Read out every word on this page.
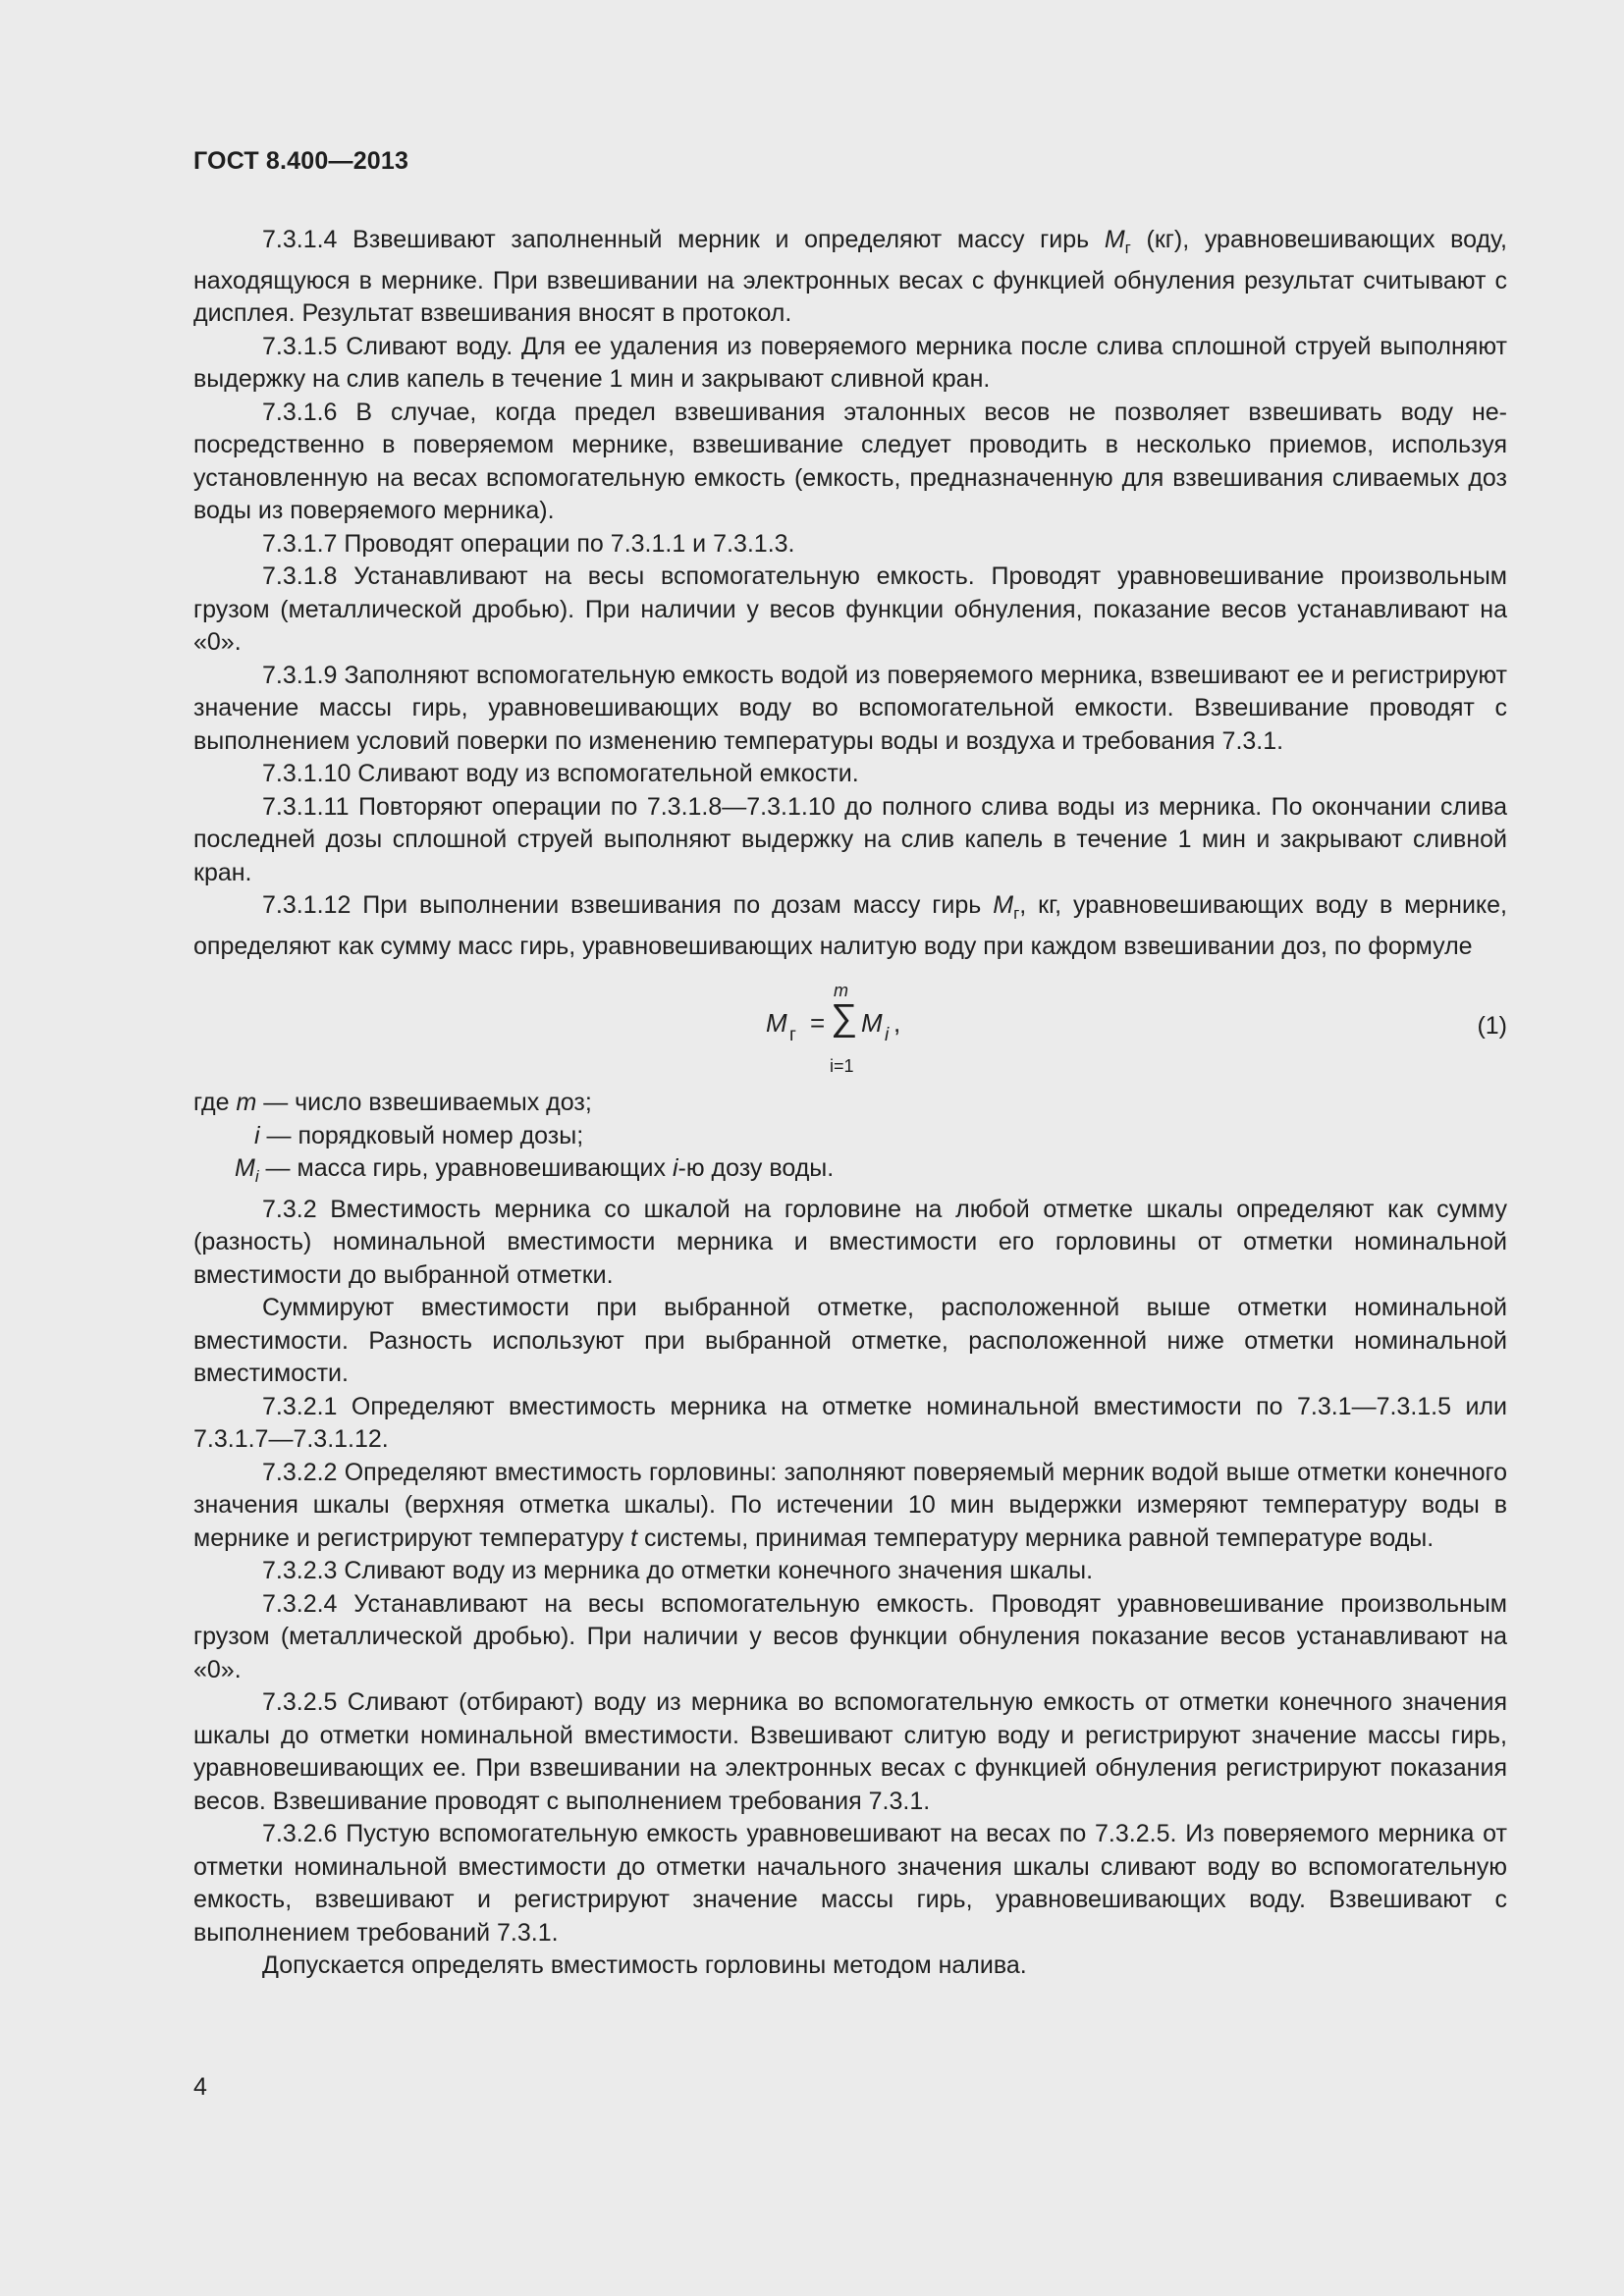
ГОСТ 8.400—2013

7.3.1.4 Взвешивают заполненный мерник и определяют массу гирь $M_г$ (кг), уравновешивающих воду, находящуюся в мернике. При взвешивании на электронных весах с функцией обнуления результат считывают с дисплея. Результат взвешивания вносят в протокол.

7.3.1.5 Сливают воду. Для ее удаления из поверяемого мерника после слива сплошной струей выполняют выдержку на слив капель в течение 1 мин и закрывают сливной кран.

7.3.1.6 В случае, когда предел взвешивания эталонных весов не позволяет взвешивать воду непосредственно в поверяемом мернике, взвешивание следует проводить в несколько приемов, используя установленную на весах вспомогательную емкость (емкость, предназначенную для взвешивания сливаемых доз воды из поверяемого мерника).

7.3.1.7 Проводят операции по 7.3.1.1 и 7.3.1.3.

7.3.1.8 Устанавливают на весы вспомогательную емкость. Проводят уравновешивание произвольным грузом (металлической дробью). При наличии у весов функции обнуления, показание весов устанавливают на «0».

7.3.1.9 Заполняют вспомогательную емкость водой из поверяемого мерника, взвешивают ее и регистрируют значение массы гирь, уравновешивающих воду во вспомогательной емкости. Взвешивание проводят с выполнением условий поверки по изменению температуры воды и воздуха и требования 7.3.1.

7.3.1.10 Сливают воду из вспомогательной емкости.

7.3.1.11 Повторяют операции по 7.3.1.8—7.3.1.10 до полного слива воды из мерника. По окончании слива последней дозы сплошной струей выполняют выдержку на слив капель в течение 1 мин и закрывают сливной кран.

7.3.1.12 При выполнении взвешивания по дозам массу гирь $M_г$, кг, уравновешивающих воду в мернике, определяют как сумму масс гирь, уравновешивающих налитую воду при каждом взвешивании доз, по формуле

M г =
m
∑
i=1
M i ,	(1)

где m — число взвешиваемых доз;

i — порядковый номер дозы;

$M_i$ — масса гирь, уравновешивающих i-ю дозу воды.

7.3.2 Вместимость мерника со шкалой на горловине на любой отметке шкалы определяют как сумму (разность) номинальной вместимости мерника и вместимости его горловины от отметки номинальной вместимости до выбранной отметки.

Суммируют вместимости при выбранной отметке, расположенной выше отметки номинальной вместимости. Разность используют при выбранной отметке, расположенной ниже отметки номинальной вместимости.

7.3.2.1 Определяют вместимость мерника на отметке номинальной вместимости по 7.3.1—7.3.1.5 или 7.3.1.7—7.3.1.12.

7.3.2.2 Определяют вместимость горловины: заполняют поверяемый мерник водой выше отметки конечного значения шкалы (верхняя отметка шкалы). По истечении 10 мин выдержки измеряют температуру воды в мернике и регистрируют температуру t системы, принимая температуру мерника равной температуре воды.

7.3.2.3 Сливают воду из мерника до отметки конечного значения шкалы.

7.3.2.4 Устанавливают на весы вспомогательную емкость. Проводят уравновешивание произвольным грузом (металлической дробью). При наличии у весов функции обнуления показание весов устанавливают на «0».

7.3.2.5 Сливают (отбирают) воду из мерника во вспомогательную емкость от отметки конечного значения шкалы до отметки номинальной вместимости. Взвешивают слитую воду и регистрируют значение массы гирь, уравновешивающих ее. При взвешивании на электронных весах с функцией обнуления регистрируют показания весов. Взвешивание проводят с выполнением требования 7.3.1.

7.3.2.6 Пустую вспомогательную емкость уравновешивают на весах по 7.3.2.5. Из поверяемого мерника от отметки номинальной вместимости до отметки начального значения шкалы сливают воду во вспомогательную емкость, взвешивают и регистрируют значение массы гирь, уравновешивающих воду. Взвешивают с выполнением требований 7.3.1.

Допускается определять вместимость горловины методом налива.

4
